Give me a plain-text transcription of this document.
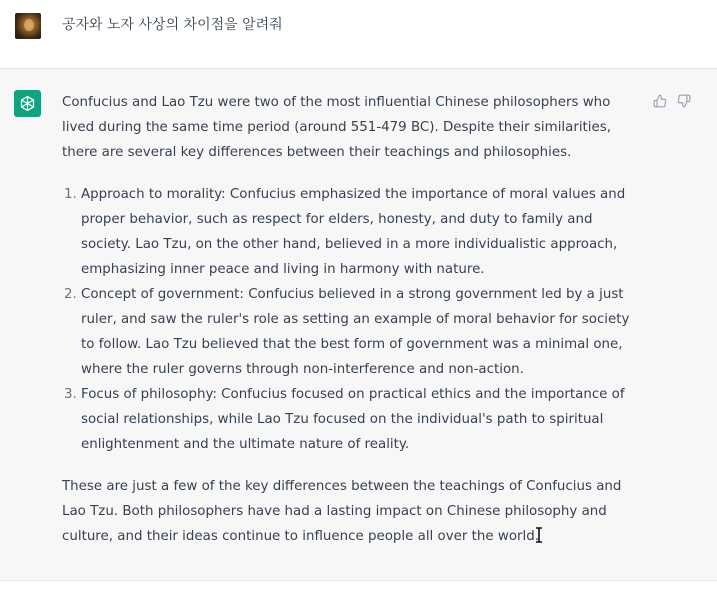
공자와 노자 사상의 차이점을 알려줘

Confucius and Lao Tzu were two of the most influential Chinese philosophers who lived during the same time period (around 551-479 BC). Despite their similarities, there are several key differences between their teachings and philosophies.

1. Approach to morality: Confucius emphasized the importance of moral values and proper behavior, such as respect for elders, honesty, and duty to family and society. Lao Tzu, on the other hand, believed in a more individualistic approach, emphasizing inner peace and living in harmony with nature.
2. Concept of government: Confucius believed in a strong government led by a just ruler, and saw the ruler's role as setting an example of moral behavior for society to follow. Lao Tzu believed that the best form of government was a minimal one, where the ruler governs through non-interference and non-action.
3. Focus of philosophy: Confucius focused on practical ethics and the importance of social relationships, while Lao Tzu focused on the individual's path to spiritual enlightenment and the ultimate nature of reality.

These are just a few of the key differences between the teachings of Confucius and Lao Tzu. Both philosophers have had a lasting impact on Chinese philosophy and culture, and their ideas continue to influence people all over the world.
